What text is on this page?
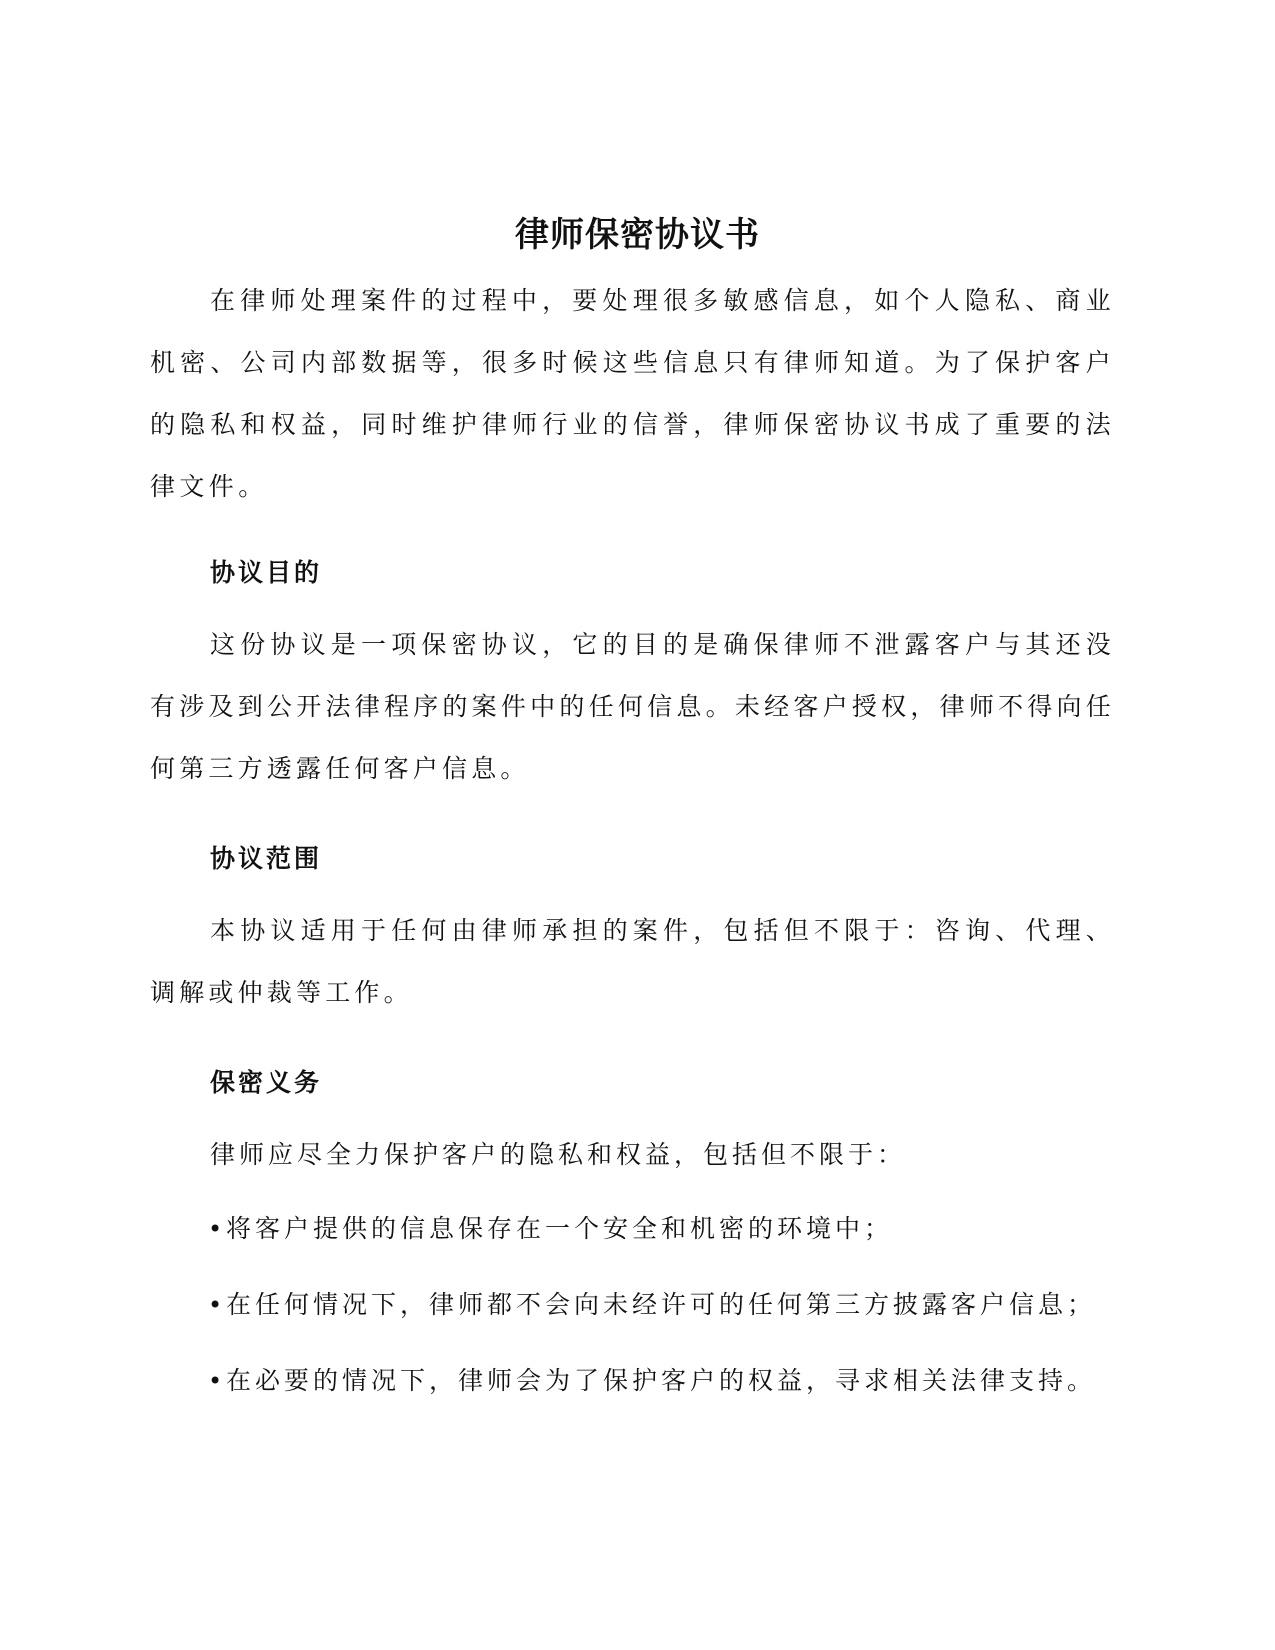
律师保密协议书

在律师处理案件的过程中，要处理很多敏感信息，如个人隐私、商业机密、公司内部数据等，很多时候这些信息只有律师知道。为了保护客户的隐私和权益，同时维护律师行业的信誉，律师保密协议书成了重要的法律文件。

协议目的

这份协议是一项保密协议，它的目的是确保律师不泄露客户与其还没有涉及到公开法律程序的案件中的任何信息。未经客户授权，律师不得向任何第三方透露任何客户信息。

协议范围

本协议适用于任何由律师承担的案件，包括但不限于：咨询、代理、调解或仲裁等工作。

保密义务
律师应尽全力保护客户的隐私和权益，包括但不限于：
• 将客户提供的信息保存在一个安全和机密的环境中；
• 在任何情况下，律师都不会向未经许可的任何第三方披露客户信息；
• 在必要的情况下，律师会为了保护客户的权益，寻求相关法律支持。
